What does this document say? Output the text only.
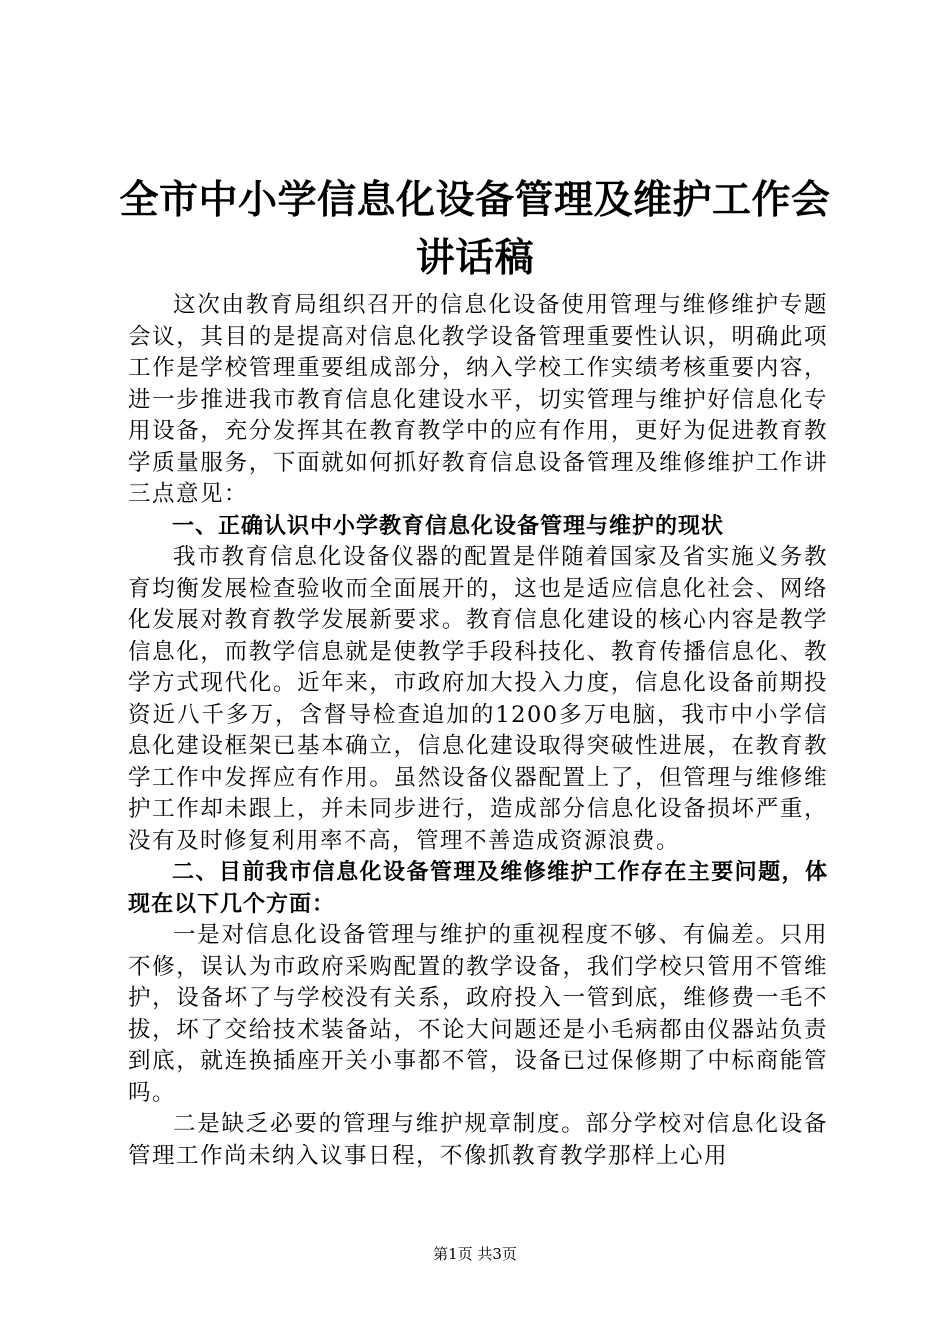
全市中小学信息化设备管理及维护工作会讲话稿

这次由教育局组织召开的信息化设备使用管理与维修维护专题会议，其目的是提高对信息化教学设备管理重要性认识，明确此项工作是学校管理重要组成部分，纳入学校工作实绩考核重要内容，进一步推进我市教育信息化建设水平，切实管理与维护好信息化专用设备，充分发挥其在教育教学中的应有作用，更好为促进教育教学质量服务，下面就如何抓好教育信息设备管理及维修维护工作讲三点意见：

一、正确认识中小学教育信息化设备管理与维护的现状

我市教育信息化设备仪器的配置是伴随着国家及省实施义务教育均衡发展检查验收而全面展开的，这也是适应信息化社会、网络化发展对教育教学发展新要求。教育信息化建设的核心内容是教学信息化，而教学信息就是使教学手段科技化、教育传播信息化、教学方式现代化。近年来，市政府加大投入力度，信息化设备前期投资近八千多万，含督导检查追加的1200多万电脑，我市中小学信息化建设框架已基本确立，信息化建设取得突破性进展，在教育教学工作中发挥应有作用。虽然设备仪器配置上了，但管理与维修维护工作却未跟上，并未同步进行，造成部分信息化设备损坏严重，没有及时修复利用率不高，管理不善造成资源浪费。

二、目前我市信息化设备管理及维修维护工作存在主要问题，体现在以下几个方面：

一是对信息化设备管理与维护的重视程度不够、有偏差。只用不修，误认为市政府采购配置的教学设备，我们学校只管用不管维护，设备坏了与学校没有关系，政府投入一管到底，维修费一毛不拔，坏了交给技术装备站，不论大问题还是小毛病都由仪器站负责到底，就连换插座开关小事都不管，设备已过保修期了中标商能管吗。

二是缺乏必要的管理与维护规章制度。部分学校对信息化设备管理工作尚未纳入议事日程，不像抓教育教学那样上心用

第1页 共3页
